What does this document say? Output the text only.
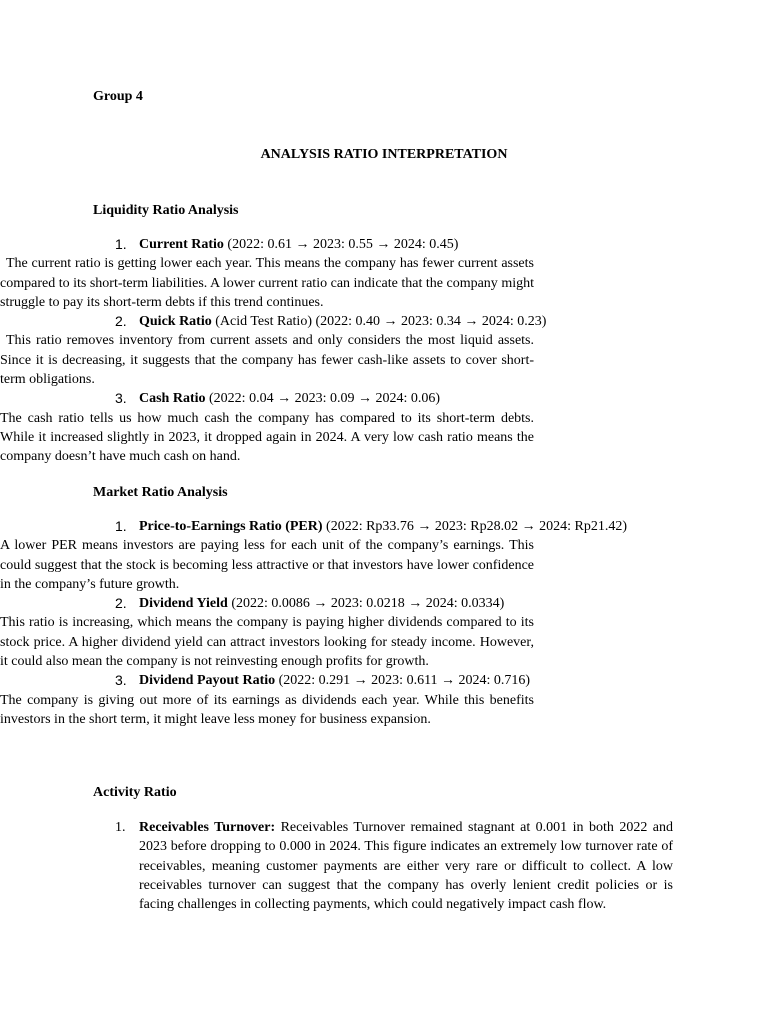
Group 4

ANALYSIS RATIO INTERPRETATION
Liquidity Ratio Analysis
1. Current Ratio (2022: 0.61 → 2023: 0.55 → 2024: 0.45)

The current ratio is getting lower each year. This means the company has fewer current assets compared to its short-term liabilities. A lower current ratio can indicate that the company might struggle to pay its short-term debts if this trend continues.

2. Quick Ratio (Acid Test Ratio) (2022: 0.40 → 2023: 0.34 → 2024: 0.23)

This ratio removes inventory from current assets and only considers the most liquid assets. Since it is decreasing, it suggests that the company has fewer cash-like assets to cover short-term obligations.

3. Cash Ratio (2022: 0.04 → 2023: 0.09 → 2024: 0.06)

The cash ratio tells us how much cash the company has compared to its short-term debts. While it increased slightly in 2023, it dropped again in 2024. A very low cash ratio means the company doesn’t have much cash on hand.

Market Ratio Analysis
1. Price-to-Earnings Ratio (PER) (2022: Rp33.76 → 2023: Rp28.02 → 2024: Rp21.42)

A lower PER means investors are paying less for each unit of the company’s earnings. This could suggest that the stock is becoming less attractive or that investors have lower confidence in the company’s future growth.

2. Dividend Yield (2022: 0.0086 → 2023: 0.0218 → 2024: 0.0334)

This ratio is increasing, which means the company is paying higher dividends compared to its stock price. A higher dividend yield can attract investors looking for steady income. However, it could also mean the company is not reinvesting enough profits for growth.

3. Dividend Payout Ratio (2022: 0.291 → 2023: 0.611 → 2024: 0.716)

The company is giving out more of its earnings as dividends each year. While this benefits investors in the short term, it might leave less money for business expansion.

Activity Ratio
1. Receivables Turnover: Receivables Turnover remained stagnant at 0.001 in both 2022 and 2023 before dropping to 0.000 in 2024. This figure indicates an extremely low turnover rate of receivables, meaning customer payments are either very rare or difficult to collect. A low receivables turnover can suggest that the company has overly lenient credit policies or is facing challenges in collecting payments, which could negatively impact cash flow.
